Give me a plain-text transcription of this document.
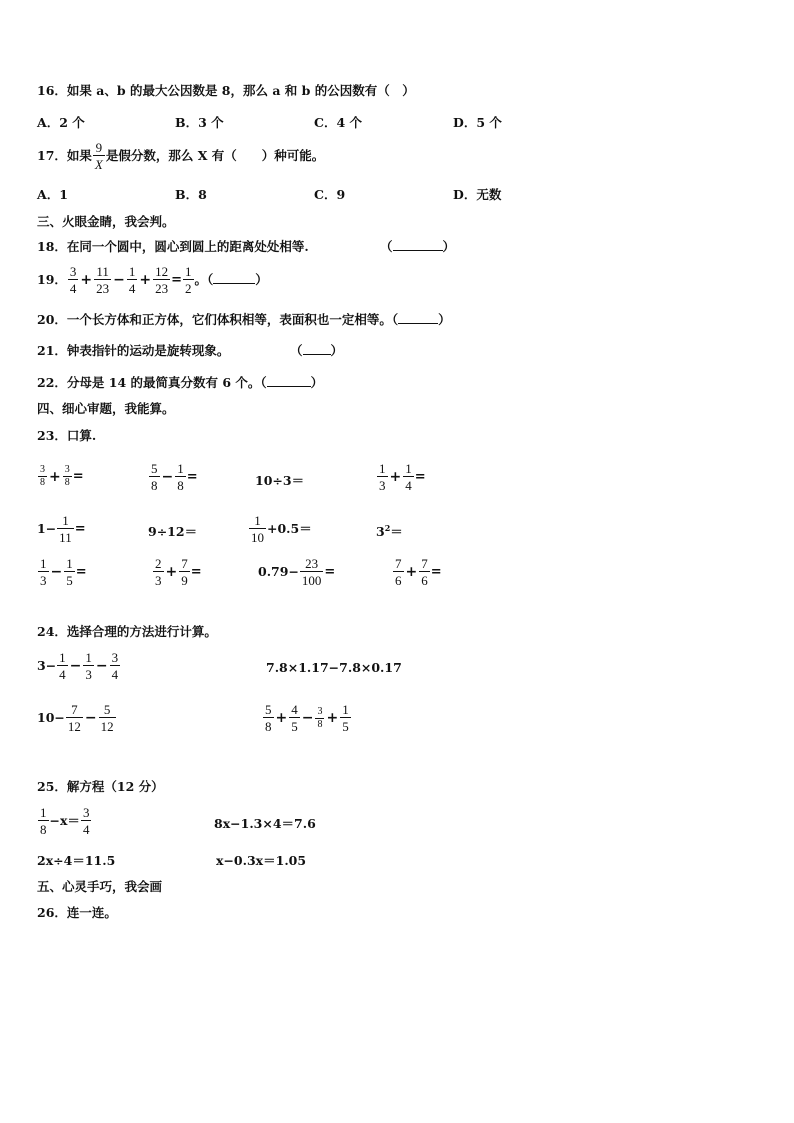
16．如果 a、b 的最大公因数是 8，那么 a 和 b 的公因数有（　）
A．2 个	B．3 个	C．4 个	D．5 个
17．如果 $\frac{9}{X}$ 是假分数，那么 X 有（　　）种可能。
A．1	B．8	C．9	D．无数
三、火眼金睛，我会判。
18．在同一个圆中，圆心到圆上的距离处处相等.	（	）
19． $\frac{3}{4} + \frac{11}{23} - \frac{1}{4} + \frac{12}{23} = \frac{1}{2}$ 。（	）
20．一个长方体和正方体，它们体积相等，表面积也一定相等。（	）
21．钟表指针的运动是旋转现象。	（ ）
22．分母是 14 的最简真分数有 6 个。（	）
四、细心审题，我能算。
23．口算.
$\frac{3}{8} + \frac{3}{8}$ =	$\frac{5}{8} - \frac{1}{8}$ =	10÷3＝	$\frac{1}{3} + \frac{1}{4}$ =
$1- \frac{1}{11}$ =	9÷12＝	$\frac{1}{10} +0.5=$	$3^2=$
$\frac{1}{3} - \frac{1}{5}$ =	$\frac{2}{3} + \frac{7}{9}$ =	$0.79- \frac{23}{100}$ =	$\frac{7}{6} + \frac{7}{6}$ =
24．选择合理的方法进行计算。
$3- \frac{1}{4} - \frac{1}{3} - \frac{3}{4}$	7.8×1.17−7.8×0.17
$10- \frac{7}{12} - \frac{5}{12}$	$\frac{5}{8} + \frac{4}{5} - \frac{3}{8} + \frac{1}{5}$
25．解方程（12 分）
$\frac{1}{8} -x= \frac{3}{4}$	8x−1.3×4＝7.6
2x÷4＝11.5	x−0.3x＝1.05
五、心灵手巧，我会画
26．连一连。
